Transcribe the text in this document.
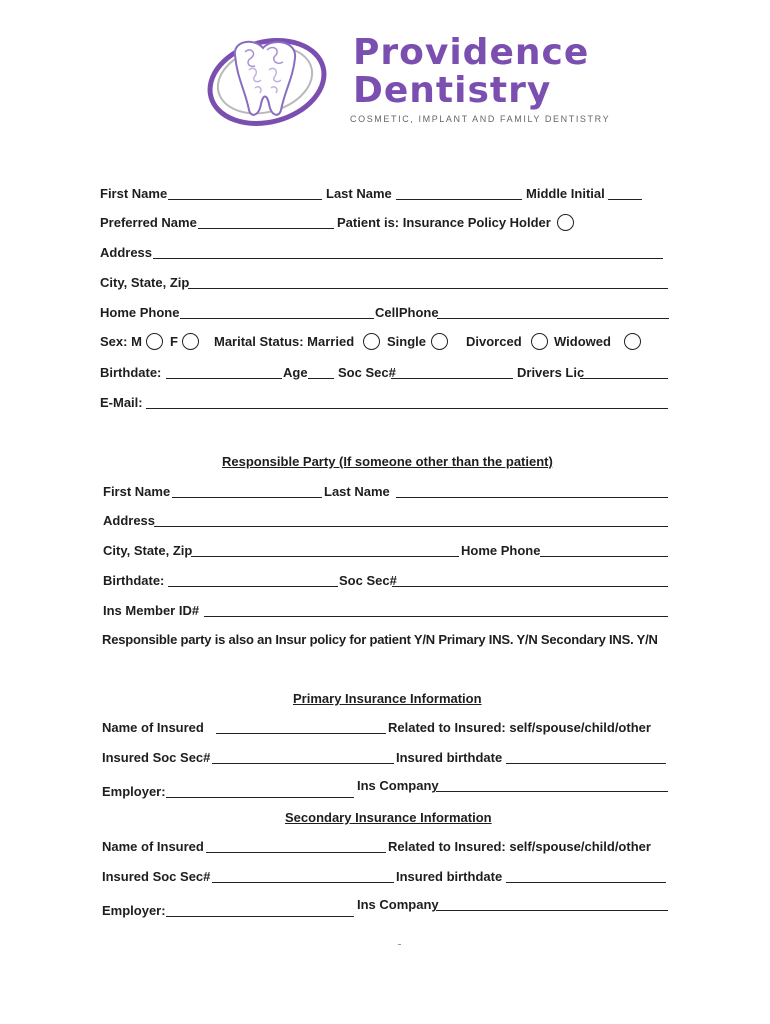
Providence
Dentistry
COSMETIC, IMPLANT AND FAMILY DENTISTRY
First Name	Last Name	Middle Initial
Preferred Name	Patient is: Insurance Policy Holder
Address
City, State, Zip
Home Phone	CellPhone
Sex: M F	Marital Status: Married	Single	Divorced Widowed
Birthdate:	Age Soc Sec#	Drivers Lic
E-Mail:
Responsible Party (If someone other than the patient)
First Name	Last Name
Address
City, State, Zip	Home Phone
Birthdate:	Soc Sec#
Ins Member ID#
Responsible party is also an Insur policy for patient Y/N Primary INS. Y/N Secondary INS. Y/N
Primary Insurance Information
Name of Insured	Related to Insured: self/spouse/child/other
Insured Soc Sec#	Insured birthdate
Employer:	Ins Company
Secondary Insurance Information
Name of Insured	Related to Insured: self/spouse/child/other
Insured Soc Sec#	Insured birthdate
Employer:	Ins Company
